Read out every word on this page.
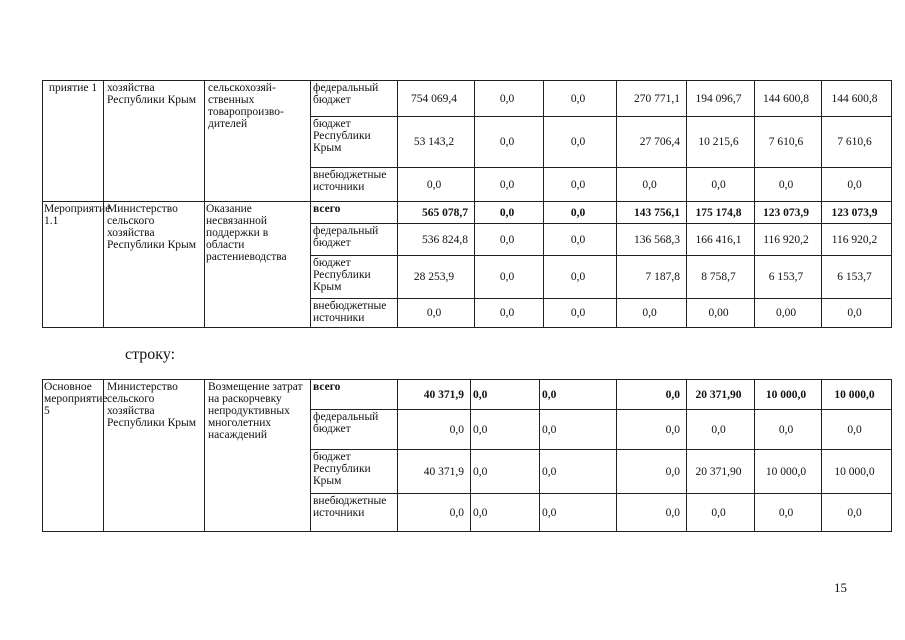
приятие 1	хозяйства Республики Крым	сельскохозяй-ственных товаропроизво-дителей	федеральный бюджет	754 069,4	0,0	0,0	270 771,1	194 096,7	144 600,8	144 600,8
			бюджет Республики Крым	53 143,2	0,0	0,0	27 706,4	10 215,6	7 610,6	7 610,6
			внебюджетные источники	0,0	0,0	0,0	0,0	0,0	0,0	0,0
Мероприятие 1.1	Министерство сельского хозяйства Республики Крым	Оказание несвязанной поддержки в области растениеводства	всего	565 078,7	0,0	0,0	143 756,1	175 174,8	123 073,9	123 073,9
			федеральный бюджет	536 824,8	0,0	0,0	136 568,3	166 416,1	116 920,2	116 920,2
			бюджет Республики Крым	28 253,9	0,0	0,0	7 187,8	8 758,7	6 153,7	6 153,7
			внебюджетные источники	0,0	0,0	0,0	0,0	0,00	0,00	0,0
строку:
Основное мероприятие 5	Министерство сельского хозяйства Республики Крым	Возмещение затрат на раскорчевку непродуктивных многолетних насаждений	всего	40 371,9	0,0	0,0	0,0	20 371,90	10 000,0	10 000,0
			федеральный бюджет	0,0	0,0	0,0	0,0	0,0	0,0	0,0
			бюджет Республики Крым	40 371,9	0,0	0,0	0,0	20 371,90	10 000,0	10 000,0
			внебюджетные источники	0,0	0,0	0,0	0,0	0,0	0,0	0,0
15
